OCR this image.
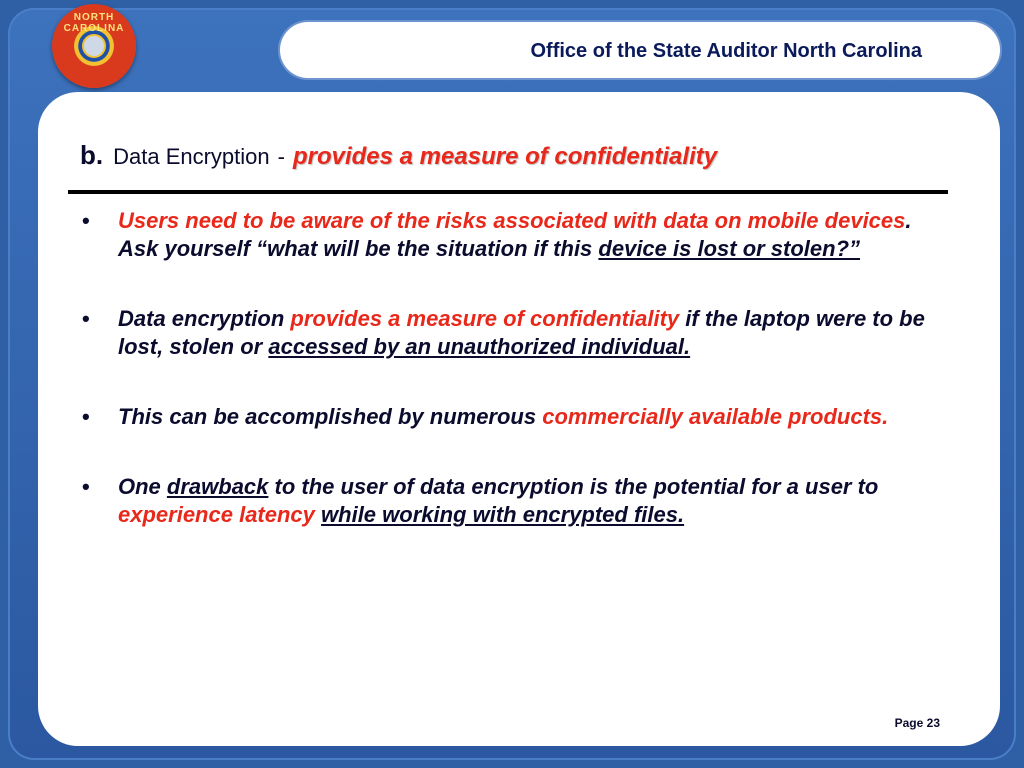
NORTH CAROLINA
Office of the State Auditor North Carolina
b. Data Encryption - provides a measure of confidentiality
• Users need to be aware of the risks associated with data on mobile devices. Ask yourself “what will be the situation if this device is lost or stolen?”
• Data encryption provides a measure of confidentiality if the laptop were to be lost, stolen or accessed by an unauthorized individual.
• This can be accomplished by numerous commercially available products.
• One drawback to the user of data encryption is the potential for a user to experience latency while working with encrypted files.
Page 23
